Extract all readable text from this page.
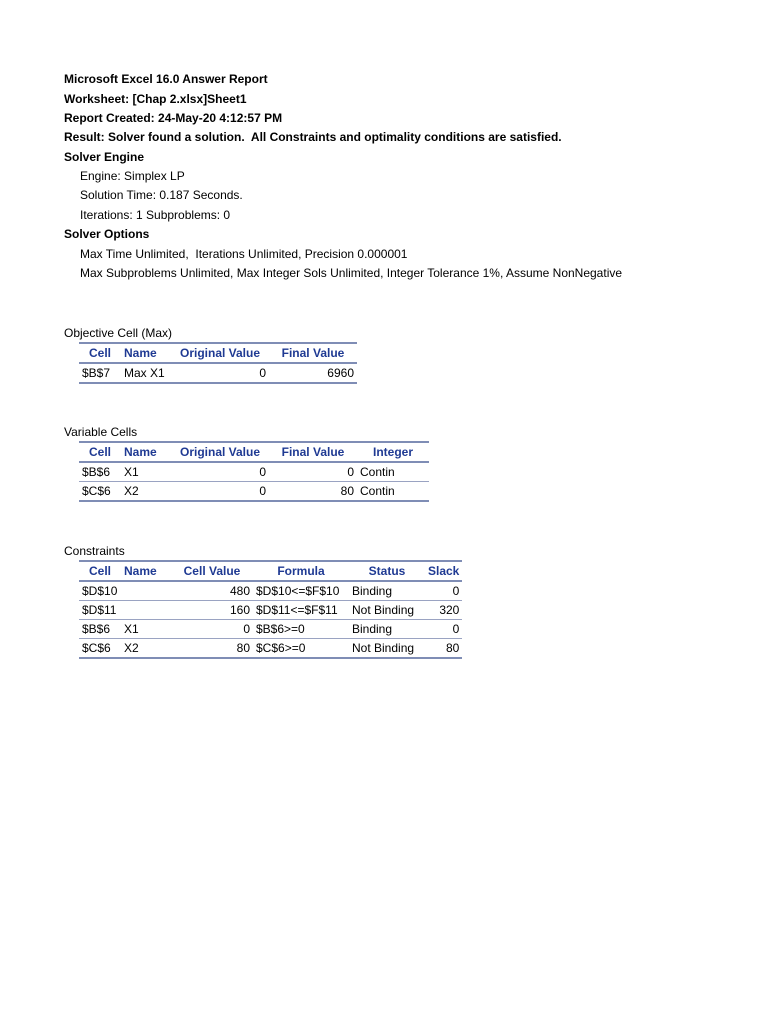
Microsoft Excel 16.0 Answer Report
Worksheet: [Chap 2.xlsx]Sheet1
Report Created: 24-May-20 4:12:57 PM
Result: Solver found a solution.  All Constraints and optimality conditions are satisfied.
Solver Engine
Engine: Simplex LP
Solution Time: 0.187 Seconds.
Iterations: 1 Subproblems: 0
Solver Options
Max Time Unlimited,  Iterations Unlimited, Precision 0.000001
Max Subproblems Unlimited, Max Integer Sols Unlimited, Integer Tolerance 1%, Assume NonNegative
Objective Cell (Max)
Cell	Name	Original Value	Final Value
$B$7	Max X1	0	6960
Variable Cells
Cell	Name	Original Value	Final Value	Integer
$B$6	X1	0	0	Contin
$C$6	X2	0	80	Contin
Constraints
Cell	Name	Cell Value	Formula	Status	Slack
$D$10		480	$D$10<=$F$10	Binding	0
$D$11		160	$D$11<=$F$11	Not Binding	320
$B$6	X1	0	$B$6>=0	Binding	0
$C$6	X2	80	$C$6>=0	Not Binding	80
